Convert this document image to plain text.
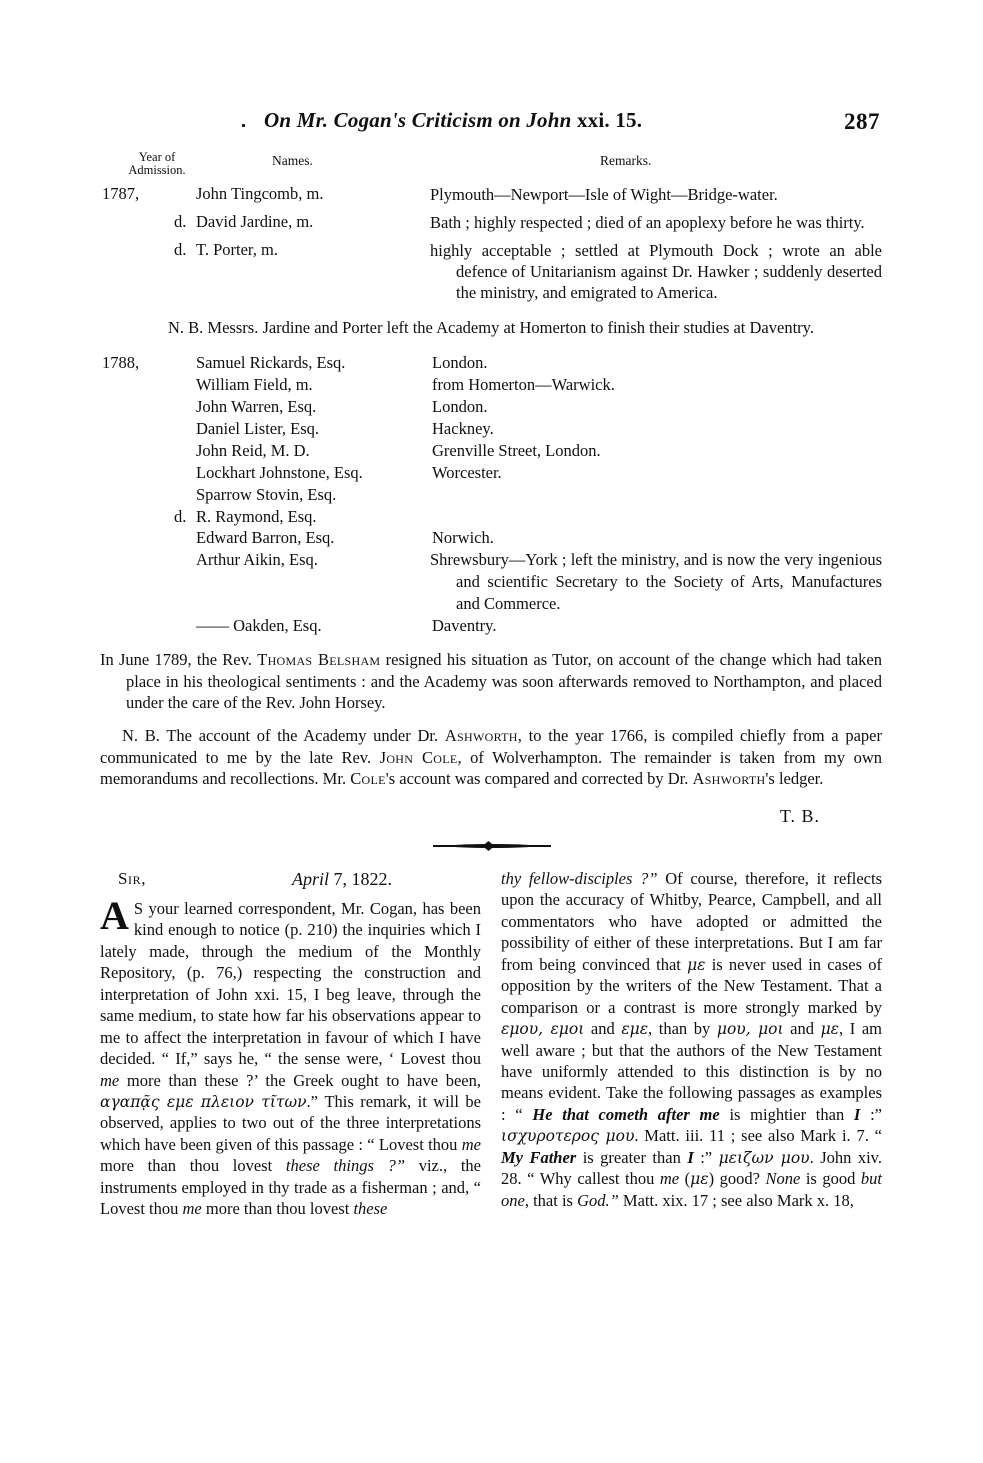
On Mr. Cogan's Criticism on John xxi. 15.	287
Year of
Admission.
Names.	Remarks.
1787,	John Tingcomb, m.	Plymouth—Newport—Isle of Wight—Bridge-water.
d. David Jardine, m.	Bath ; highly respected ; died of an apoplexy before he was thirty.
d. T. Porter, m.	highly acceptable ; settled at Plymouth Dock ; wrote an able defence of Unitarianism against Dr. Hawker ; suddenly deserted the ministry, and emigrated to America.
N. B. Messrs. Jardine and Porter left the Academy at Homerton to finish their studies at Daventry.
1788,	Samuel Rickards, Esq.	London.
William Field, m.	from Homerton—Warwick.
John Warren, Esq.	London.
Daniel Lister, Esq.	Hackney.
John Reid, M. D.	Grenville Street, London.
Lockhart Johnstone, Esq.	Worcester.
Sparrow Stovin, Esq.
d. R. Raymond, Esq.
Edward Barron, Esq.	Norwich.
Arthur Aikin, Esq.	Shrewsbury—York ; left the ministry, and is now the very ingenious and scientific Secretary to the Society of Arts, Manufactures and Commerce.
—— Oakden, Esq.	Daventry.
In June 1789, the Rev. Thomas Belsham resigned his situation as Tutor, on account of the change which had taken place in his theological sentiments : and the Academy was soon afterwards removed to Northampton, and placed under the care of the Rev. John Horsey.
N. B. The account of the Academy under Dr. Ashworth, to the year 1766, is compiled chiefly from a paper communicated to me by the late Rev. John Cole, of Wolverhampton. The remainder is taken from my own memorandums and recollections. Mr. Cole's account was compared and corrected by Dr. Ashworth's ledger.
T. B.
Sir,	April 7, 1822.
A S your learned correspondent, Mr. Cogan, has been kind enough to notice (p. 210) the inquiries which I lately made, through the medium of the Monthly Repository, (p. 76,) respecting the construction and interpretation of John xxi. 15, I beg leave, through the same medium, to state how far his observations appear to me to affect the interpretation in favour of which I have decided. “ If,” says he, “ the sense were, ‘ Lovest thou me more than these ?’ the Greek ought to have been, αγαπᾷς εμε πλειον τῖτων.” This remark, it will be observed, applies to two out of the three interpretations which have been given of this passage : “ Lovest thou me more than thou lovest these things ?” viz., the instruments employed in thy trade as a fisherman ; and, “ Lovest thou me more than thou lovest these
thy fellow-disciples ?” Of course, therefore, it reflects upon the accuracy of Whitby, Pearce, Campbell, and all commentators who have adopted or admitted the possibility of either of these interpretations. But I am far from being convinced that με is never used in cases of opposition by the writers of the New Testament. That a comparison or a contrast is more strongly marked by εμου, εμοι and εμε, than by μου, μοι and με, I am well aware ; but that the authors of the New Testament have uniformly attended to this distinction is by no means evident. Take the following passages as examples : “ He that cometh after me is mightier than I :” ισχυροτερος μου. Matt. iii. 11 ; see also Mark i. 7. “ My Father is greater than I :” μειζων μου. John xiv. 28. “ Why callest thou me (με) good? None is good but one, that is God.” Matt. xix. 17 ; see also Mark x. 18,
